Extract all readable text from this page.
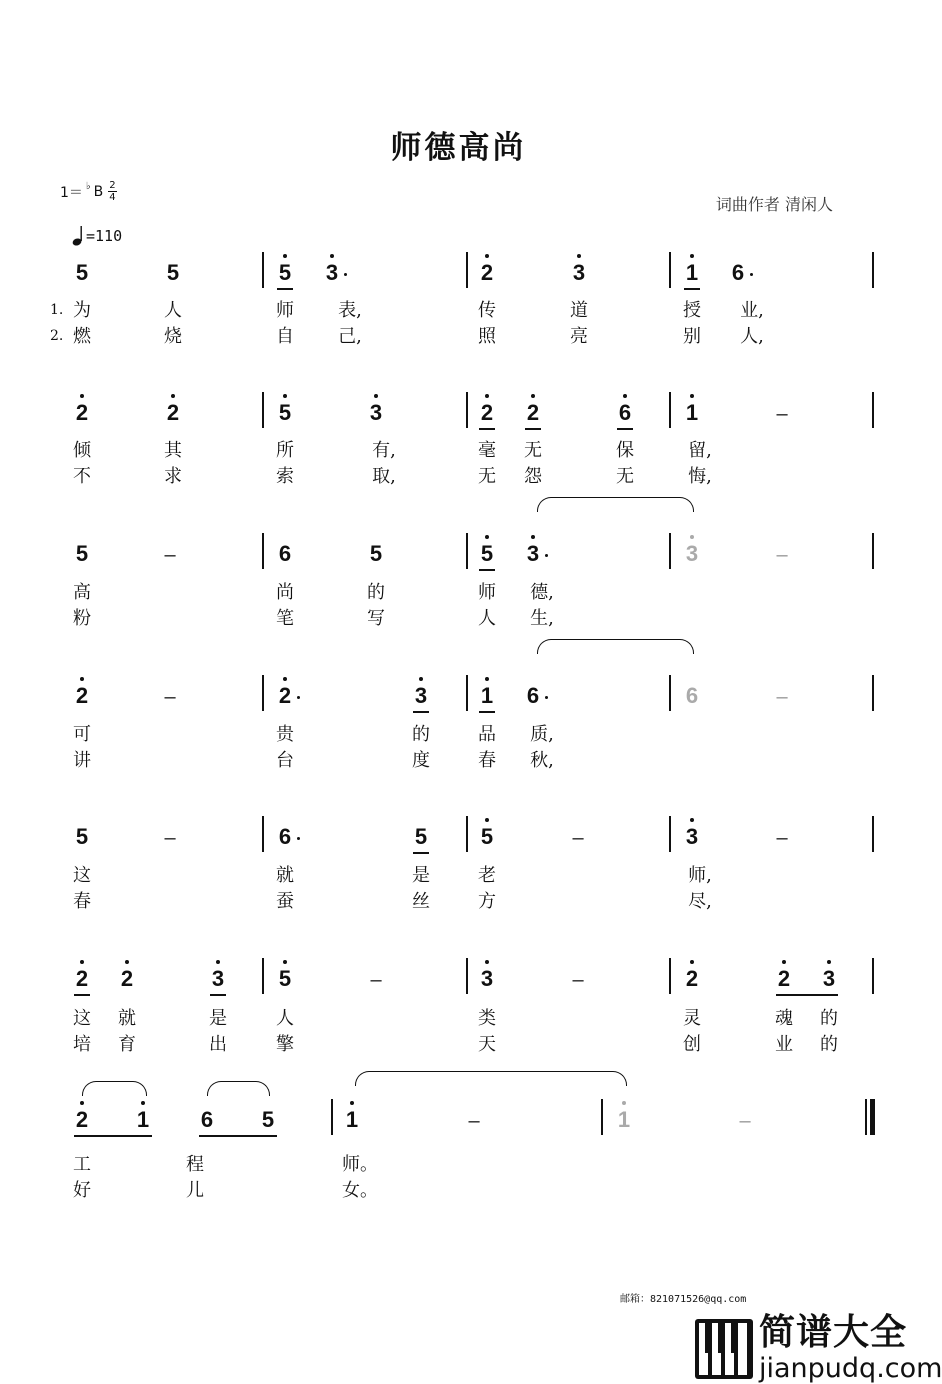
师德高尚
1＝ ♭ B $\frac{2}{4}$
=110
词曲作者 清闲人
5	5	5 3	2	3	1 6
为	人	师 表,	传	道	授 业,
燃	烧	自 己,	照	亮	别 人,
1.
2.
2	2	5	3	2 2	6 1	–
倾	其	所	有,	毫 无	保	留,
不	求	索	取,	无 怨	无	悔,
5	–	6	5	5 3	3	–
高	尚	的	师 德,
粉	笔	写	人 生,
2	–	2	3 1 6	6	–
可	贵	的	品 质,
讲	台	度	春 秋,
5	–	6	5 5	–	3	–
这	就	是	老	师,
春	蚕	丝	方	尽,
2 2	3 5	–	3	–	2	2 3
这 就	是	人	类	灵	魂 的
培 育	出	擎	天	创	业 的
2 1 6 5	1	–	1	–
工	程	师。
好	儿	女。
邮箱：821071526@qq.com
简谱大全
jianpudq.com
